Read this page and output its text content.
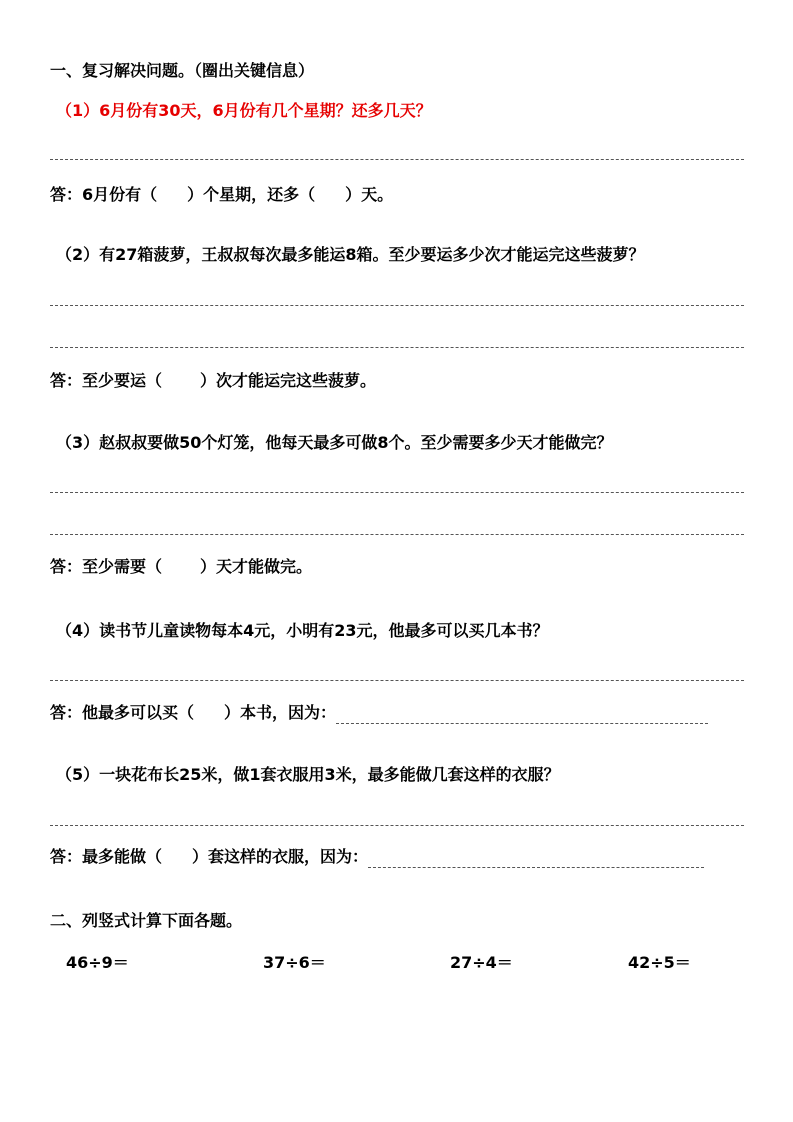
一、复习解决问题。（圈出关键信息）
（1）6月份有30天，6月份有几个星期？还多几天？
答：6月份有（ ）个星期，还多（ ）天。
（2）有27箱菠萝，王叔叔每次最多能运8箱。至少要运多少次才能运完这些菠萝？
答：至少要运（ ）次才能运完这些菠萝。
（3）赵叔叔要做50个灯笼，他每天最多可做8个。至少需要多少天才能做完？
答：至少需要（ ）天才能做完。
（4）读书节儿童读物每本4元，小明有23元，他最多可以买几本书？
答：他最多可以买（ ）本书，因为：
（5）一块花布长25米，做1套衣服用3米，最多能做几套这样的衣服？
答：最多能做（ ）套这样的衣服，因为：
二、列竖式计算下面各题。
46÷9＝	37÷6＝	27÷4＝	42÷5＝
